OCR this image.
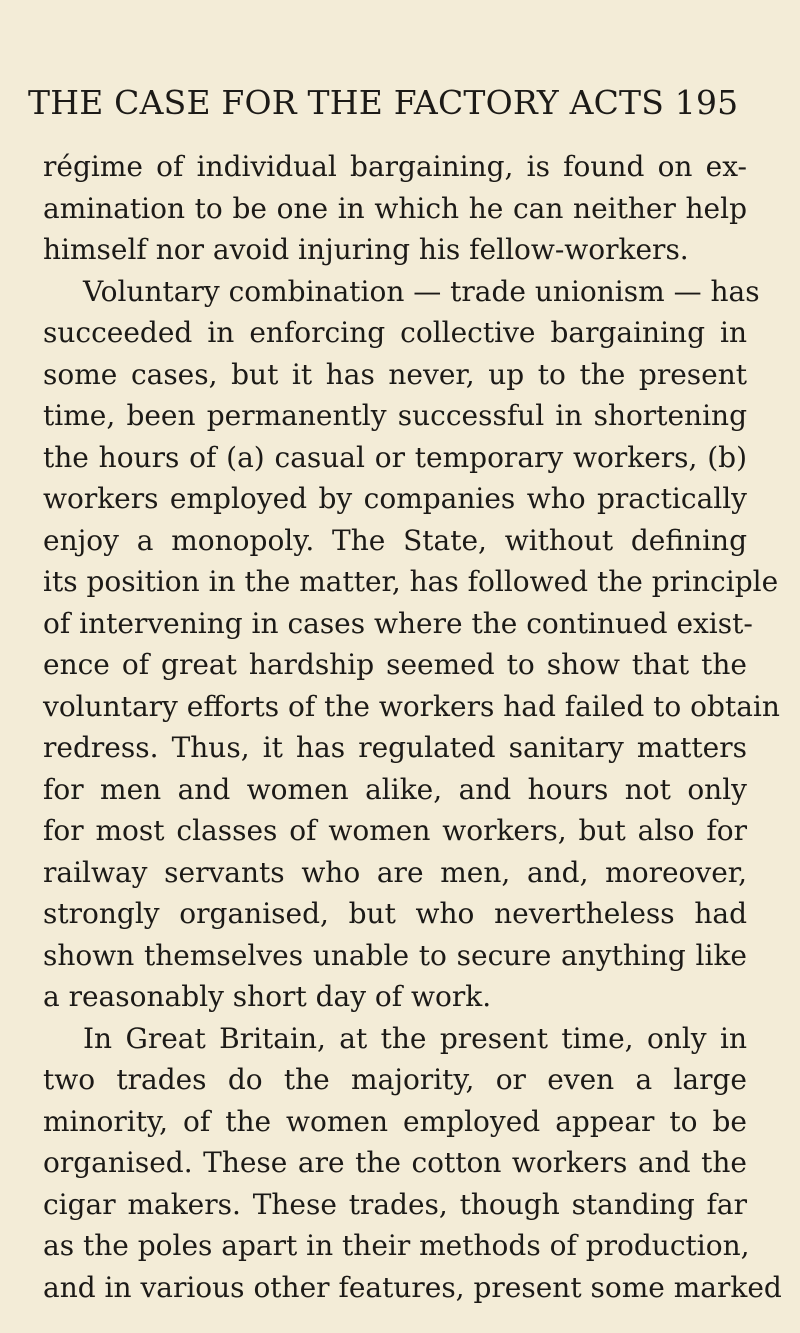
THE CASE FOR THE FACTORY ACTS 195
régime of individual bargaining, is found on ex-
amination to be one in which he can neither help
himself nor avoid injuring his fellow-workers.
Voluntary combination — trade unionism — has
succeeded in enforcing collective bargaining in
some cases, but it has never, up to the present
time, been permanently successful in shortening
the hours of (a) casual or temporary workers, (b)
workers employed by companies who practically
enjoy a monopoly. The State, without defining
its position in the matter, has followed the principle
of intervening in cases where the continued exist-
ence of great hardship seemed to show that the
voluntary efforts of the workers had failed to obtain
redress. Thus, it has regulated sanitary matters
for men and women alike, and hours not only
for most classes of women workers, but also for
railway servants who are men, and, moreover,
strongly organised, but who nevertheless had
shown themselves unable to secure anything like
a reasonably short day of work.
In Great Britain, at the present time, only in
two trades do the majority, or even a large
minority, of the women employed appear to be
organised. These are the cotton workers and the
cigar makers. These trades, though standing far
as the poles apart in their methods of production,
and in various other features, present some marked
